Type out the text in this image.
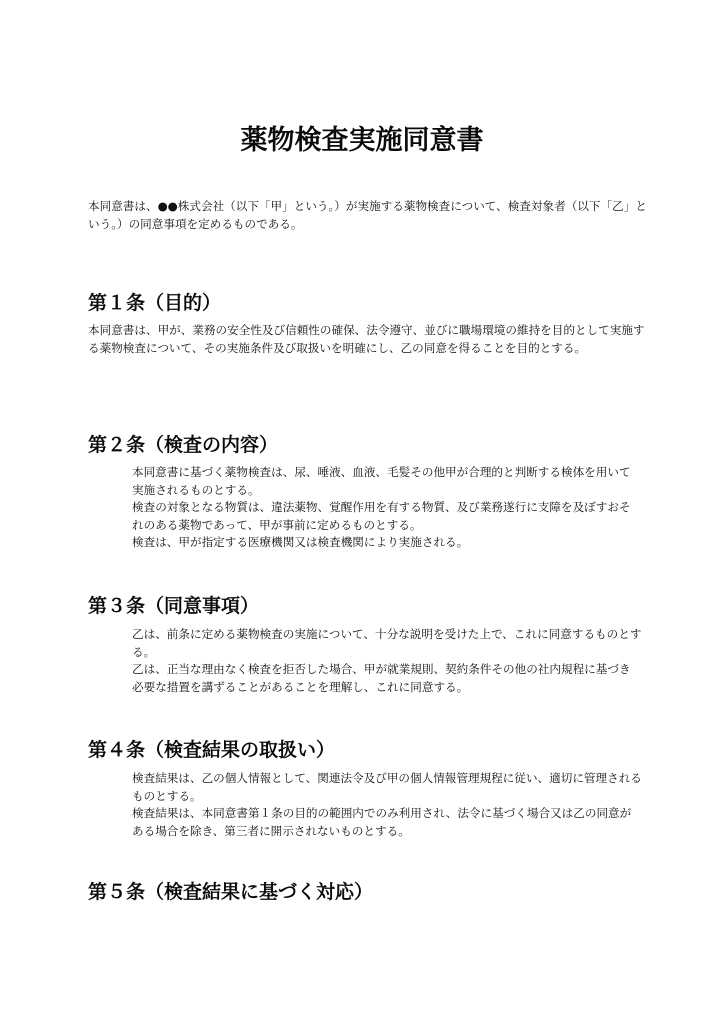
薬物検査実施同意書

本同意書は、●●株式会社（以下「甲」という。）が実施する薬物検査について、検査対象者（以下「乙」という。）の同意事項を定めるものである。

第１条（目的）

本同意書は、甲が、業務の安全性及び信頼性の確保、法令遵守、並びに職場環境の維持を目的として実施する薬物検査について、その実施条件及び取扱いを明確にし、乙の同意を得ることを目的とする。

第２条（検査の内容）

本同意書に基づく薬物検査は、尿、唾液、血液、毛髪その他甲が合理的と判断する検体を用いて実施されるものとする。

検査の対象となる物質は、違法薬物、覚醒作用を有する物質、及び業務遂行に支障を及ぼすおそれのある薬物であって、甲が事前に定めるものとする。

検査は、甲が指定する医療機関又は検査機関により実施される。

第３条（同意事項）

乙は、前条に定める薬物検査の実施について、十分な説明を受けた上で、これに同意するものとする。

乙は、正当な理由なく検査を拒否した場合、甲が就業規則、契約条件その他の社内規程に基づき必要な措置を講ずることがあることを理解し、これに同意する。

第４条（検査結果の取扱い）

検査結果は、乙の個人情報として、関連法令及び甲の個人情報管理規程に従い、適切に管理されるものとする。

検査結果は、本同意書第１条の目的の範囲内でのみ利用され、法令に基づく場合又は乙の同意がある場合を除き、第三者に開示されないものとする。

第５条（検査結果に基づく対応）
